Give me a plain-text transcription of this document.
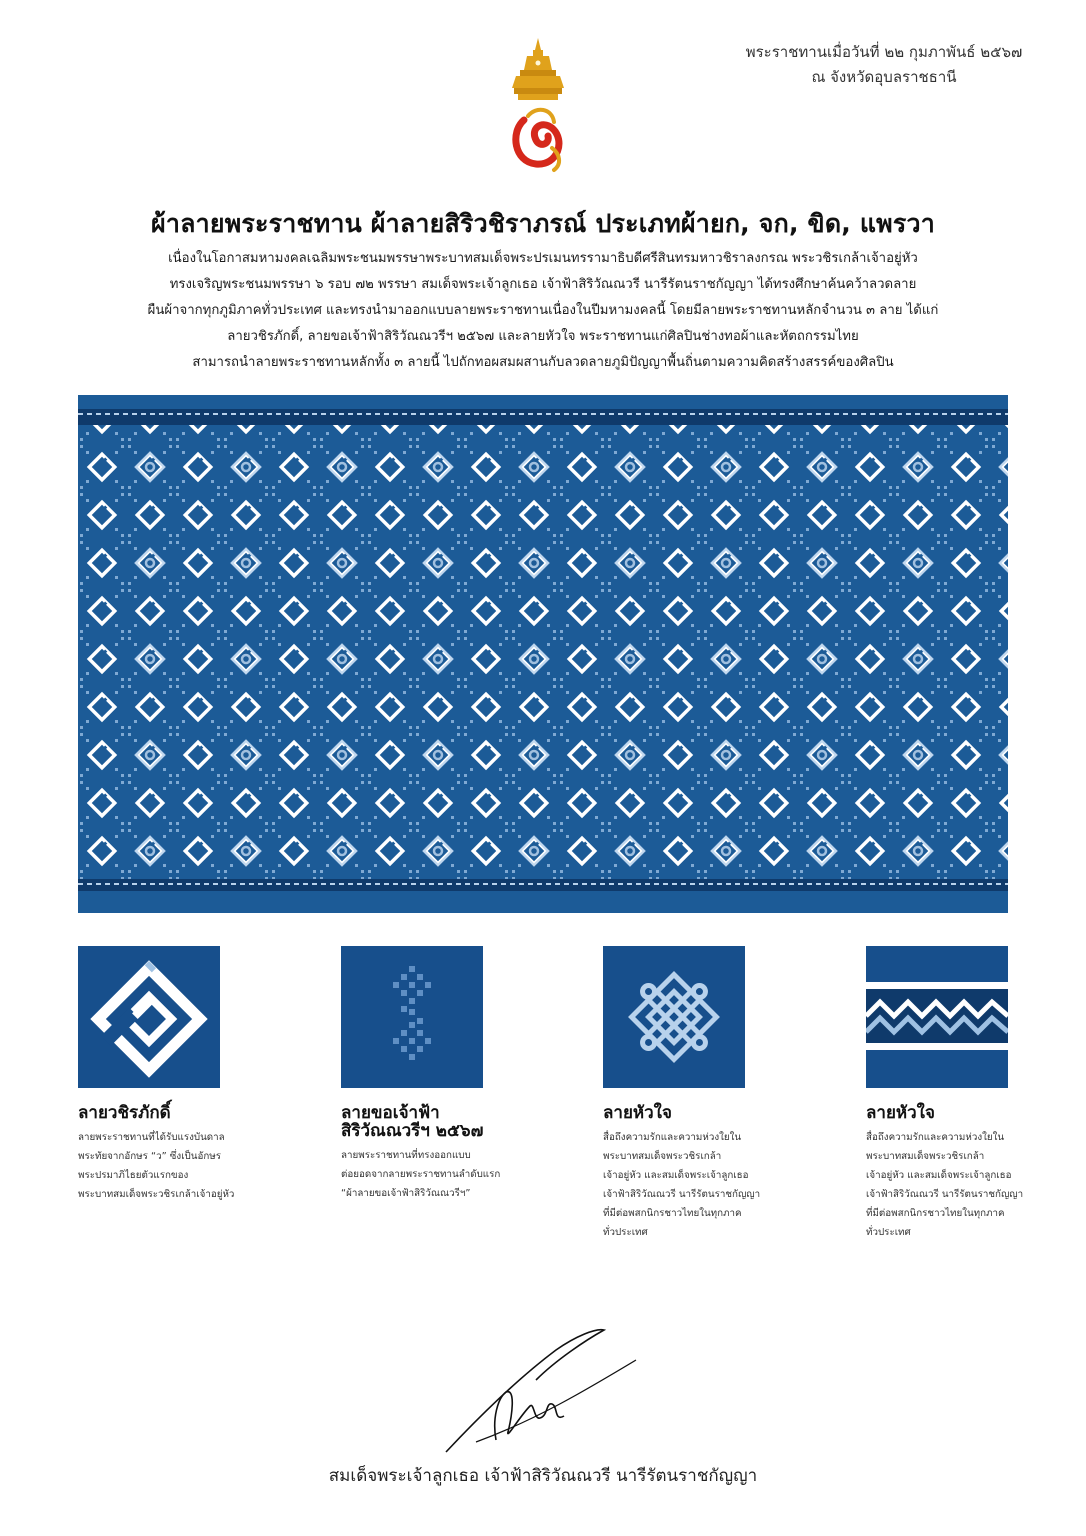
พระราชทานเมื่อวันที่ ๒๒ กุมภาพันธ์ ๒๕๖๗
ณ จังหวัดอุบลราชธานี
ส
ผ้าลายพระราชทาน ผ้าลายสิริวชิราภรณ์ ประเภทผ้ายก, จก, ขิด, แพรวา
เนื่องในโอกาสมหามงคลเฉลิมพระชนมพรรษาพระบาทสมเด็จพระปรเมนทรรามาธิบดีศรีสินทรมหาวชิราลงกรณ พระวชิรเกล้าเจ้าอยู่หัว
ทรงเจริญพระชนมพรรษา ๖ รอบ ๗๒ พรรษา สมเด็จพระเจ้าลูกเธอ เจ้าฟ้าสิริวัณณวรี นารีรัตนราชกัญญา ได้ทรงศึกษาค้นคว้าลวดลาย
ผืนผ้าจากทุกภูมิภาคทั่วประเทศ และทรงนำมาออกแบบลายพระราชทานเนื่องในปีมหามงคลนี้ โดยมีลายพระราชทานหลักจำนวน ๓ ลาย ได้แก่
ลายวชิรภักดิ์, ลายขอเจ้าฟ้าสิริวัณณวรีฯ ๒๕๖๗ และลายหัวใจ พระราชทานแก่ศิลปินช่างทอผ้าและหัตถกรรมไทย
สามารถนำลายพระราชทานหลักทั้ง ๓ ลายนี้ ไปถักทอผสมผสานกับลวดลายภูมิปัญญาพื้นถิ่นตามความคิดสร้างสรรค์ของศิลปิน
ลายวชิรภักดิ์

ลายพระราชทานที่ได้รับแรงบันดาล
พระทัยจากอักษร “ว” ซึ่งเป็นอักษร
พระปรมาภิไธยตัวแรกของ
พระบาทสมเด็จพระวชิรเกล้าเจ้าอยู่หัว

ลายขอเจ้าฟ้า
สิริวัณณวรีฯ ๒๕๖๗

ลายพระราชทานที่ทรงออกแบบ
ต่อยอดจากลายพระราชทานลำดับแรก
“ผ้าลายขอเจ้าฟ้าสิริวัณณวรีฯ”

ลายหัวใจ

สื่อถึงความรักและความห่วงใยใน
พระบาทสมเด็จพระวชิรเกล้า
เจ้าอยู่หัว และสมเด็จพระเจ้าลูกเธอ
เจ้าฟ้าสิริวัณณวรี นารีรัตนราชกัญญา
ที่มีต่อพสกนิกรชาวไทยในทุกภาค
ทั่วประเทศ

ลายหัวใจ

สื่อถึงความรักและความห่วงใยใน
พระบาทสมเด็จพระวชิรเกล้า
เจ้าอยู่หัว และสมเด็จพระเจ้าลูกเธอ
เจ้าฟ้าสิริวัณณวรี นารีรัตนราชกัญญา
ที่มีต่อพสกนิกรชาวไทยในทุกภาค
ทั่วประเทศ

สมเด็จพระเจ้าลูกเธอ เจ้าฟ้าสิริวัณณวรี นารีรัตนราชกัญญา
